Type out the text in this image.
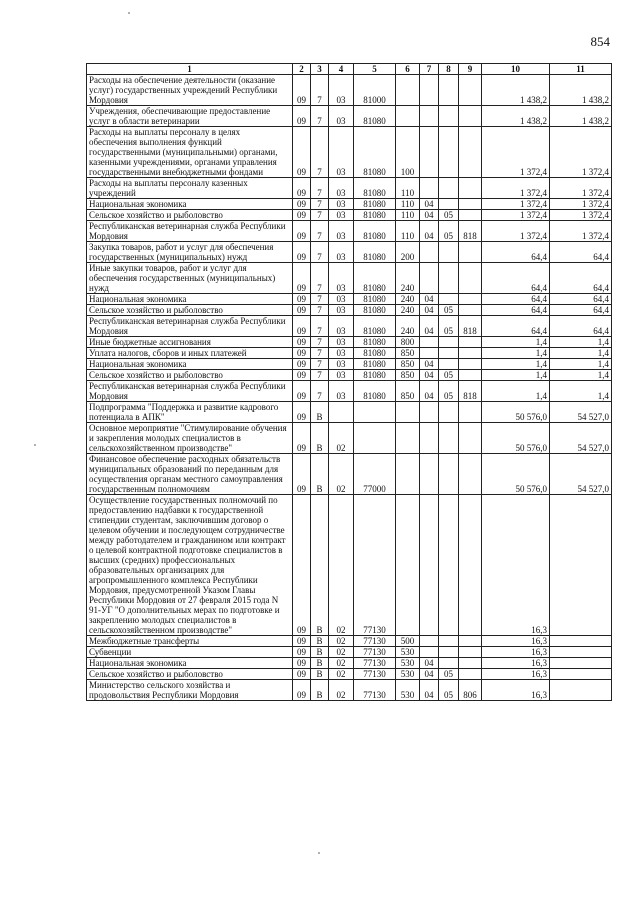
854
1	2	3	4	5	6	7	8	9	10	11
Расходы на обеспечение деятельности (оказание услуг) государственных учреждений Республики Мордовия	09	7	03	81000					1 438,2	1 438,2
Учреждения, обеспечивающие предоставление услуг в области ветеринарии	09	7	03	81080					1 438,2	1 438,2
Расходы на выплаты персоналу в целях обеспечения выполнения функций государственными (муниципальными) органами, казенными учреждениями, органами управления государственными внебюджетными фондами	09	7	03	81080	100				1 372,4	1 372,4
Расходы на выплаты персоналу казенных учреждений	09	7	03	81080	110				1 372,4	1 372,4
Национальная экономика	09	7	03	81080	110	04			1 372,4	1 372,4
Сельское хозяйство и рыболовство	09	7	03	81080	110	04	05		1 372,4	1 372,4
Республиканская ветеринарная служба Республики Мордовия	09	7	03	81080	110	04	05	818	1 372,4	1 372,4
Закупка товаров, работ и услуг для обеспечения государственных (муниципальных) нужд	09	7	03	81080	200				64,4	64,4
Иные закупки товаров, работ и услуг для обеспечения государственных (муниципальных) нужд	09	7	03	81080	240				64,4	64,4
Национальная экономика	09	7	03	81080	240	04			64,4	64,4
Сельское хозяйство и рыболовство	09	7	03	81080	240	04	05		64,4	64,4
Республиканская ветеринарная служба Республики Мордовия	09	7	03	81080	240	04	05	818	64,4	64,4
Иные бюджетные ассигнования	09	7	03	81080	800				1,4	1,4
Уплата налогов, сборов и иных платежей	09	7	03	81080	850				1,4	1,4
Национальная экономика	09	7	03	81080	850	04			1,4	1,4
Сельское хозяйство и рыболовство	09	7	03	81080	850	04	05		1,4	1,4
Республиканская ветеринарная служба Республики Мордовия	09	7	03	81080	850	04	05	818	1,4	1,4
Подпрограмма "Поддержка и развитие кадрового потенциала в АПК"	09	В							50 576,0	54 527,0
Основное мероприятие "Стимулирование обучения и закрепления молодых специалистов в сельскохозяйственном производстве"	09	В	02						50 576,0	54 527,0
Финансовое обеспечение расходных обязательств муниципальных образований по переданным для осуществления органам местного самоуправления государственным полномочиям	09	В	02	77000					50 576,0	54 527,0
Осуществление государственных полномочий по предоставлению надбавки к государственной стипендии студентам, заключившим договор о целевом обучении и последующем сотрудничестве между работодателем и гражданином или контракт о целевой контрактной подготовке специалистов в высших (средних) профессиональных образовательных организациях для агропромышленного комплекса Республики Мордовия, предусмотренной Указом Главы Республики Мордовия от 27 февраля 2015 года N 91-УГ "О дополнительных мерах по подготовке и закреплению молодых специалистов в сельскохозяйственном производстве"	09	В	02	77130					16,3	
Межбюджетные трансферты	09	В	02	77130	500				16,3	
Субвенции	09	В	02	77130	530				16,3	
Национальная экономика	09	В	02	77130	530	04			16,3	
Сельское хозяйство и рыболовство	09	В	02	77130	530	04	05		16,3	
Министерство сельского хозяйства и продовольствия Республики Мордовия	09	В	02	77130	530	04	05	806	16,3	
